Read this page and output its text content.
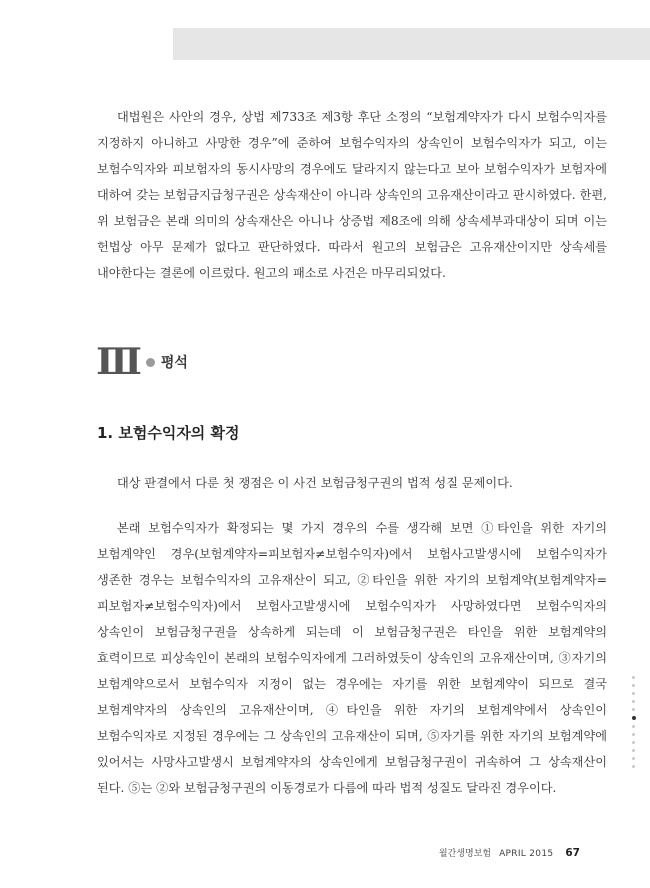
대법원은 사안의 경우, 상법 제733조 제3항 후단 소정의 “보험계약자가 다시 보험수익자를 지정하지 아니하고 사망한 경우”에 준하여 보험수익자의 상속인이 보험수익자가 되고, 이는 보험수익자와 피보험자의 동시사망의 경우에도 달라지지 않는다고 보아 보험수익자가 보험자에 대하여 갖는 보험금지급청구권은 상속재산이 아니라 상속인의 고유재산이라고 판시하였다. 한편, 위 보험금은 본래 의미의 상속재산은 아니나 상증법 제8조에 의해 상속세부과대상이 되며 이는 헌법상 아무 문제가 없다고 판단하였다. 따라서 원고의 보험금은 고유재산이지만 상속세를 내야한다는 결론에 이르렀다. 원고의 패소로 사건은 마무리되었다.

Ⅲ 평석
1. 보험수익자의 확정

대상 판결에서 다룬 첫 쟁점은 이 사건 보험금청구권의 법적 성질 문제이다.

본래 보험수익자가 확정되는 몇 가지 경우의 수를 생각해 보면 ①타인을 위한 자기의 보험계약인 경우(보험계약자=피보험자≠보험수익자)에서 보험사고발생시에 보험수익자가 생존한 경우는 보험수익자의 고유재산이 되고, ②타인을 위한 자기의 보험계약(보험계약자=피보험자≠보험수익자)에서 보험사고발생시에 보험수익자가 사망하였다면 보험수익자의 상속인이 보험금청구권을 상속하게 되는데 이 보험금청구권은 타인을 위한 보험계약의 효력이므로 피상속인이 본래의 보험수익자에게 그러하였듯이 상속인의 고유재산이며, ③자기의 보험계약으로서 보험수익자 지정이 없는 경우에는 자기를 위한 보험계약이 되므로 결국 보험계약자의 상속인의 고유재산이며, ④타인을 위한 자기의 보험계약에서 상속인이 보험수익자로 지정된 경우에는 그 상속인의 고유재산이 되며, ⑤자기를 위한 자기의 보험계약에 있어서는 사망사고발생시 보험계약자의 상속인에게 보험금청구권이 귀속하여 그 상속재산이 된다. ⑤는 ②와 보험금청구권의 이동경로가 다름에 따라 법적 성질도 달라진 경우이다.

월간생명보험 APRIL 2015 67
